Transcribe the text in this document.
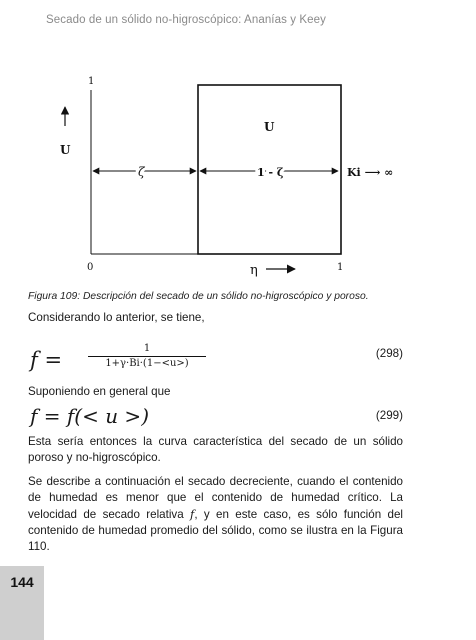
Secado de un sólido no-higroscópico: Ananías y Keey
1
U
U
ζ	1 - ζ	Ki ⟶ ∞
0	η	1
Figura 109: Descripción del secado de un sólido no-higroscópico y poroso.
Considerando lo anterior, se tiene,
f =	1
1+γ·Bi·(1−<u>)
(298)
Suponiendo en general que
f = f(< u >)	(299)
Esta sería entonces la curva característica del secado de un sólido poroso y no-higroscópico.
Se describe a continuación el secado decreciente, cuando el contenido de humedad es menor que el contenido de humedad crítico. La velocidad de secado relativa f, y en este caso, es sólo función del contenido de humedad promedio del sólido, como se ilustra en la Figura 110.
144
